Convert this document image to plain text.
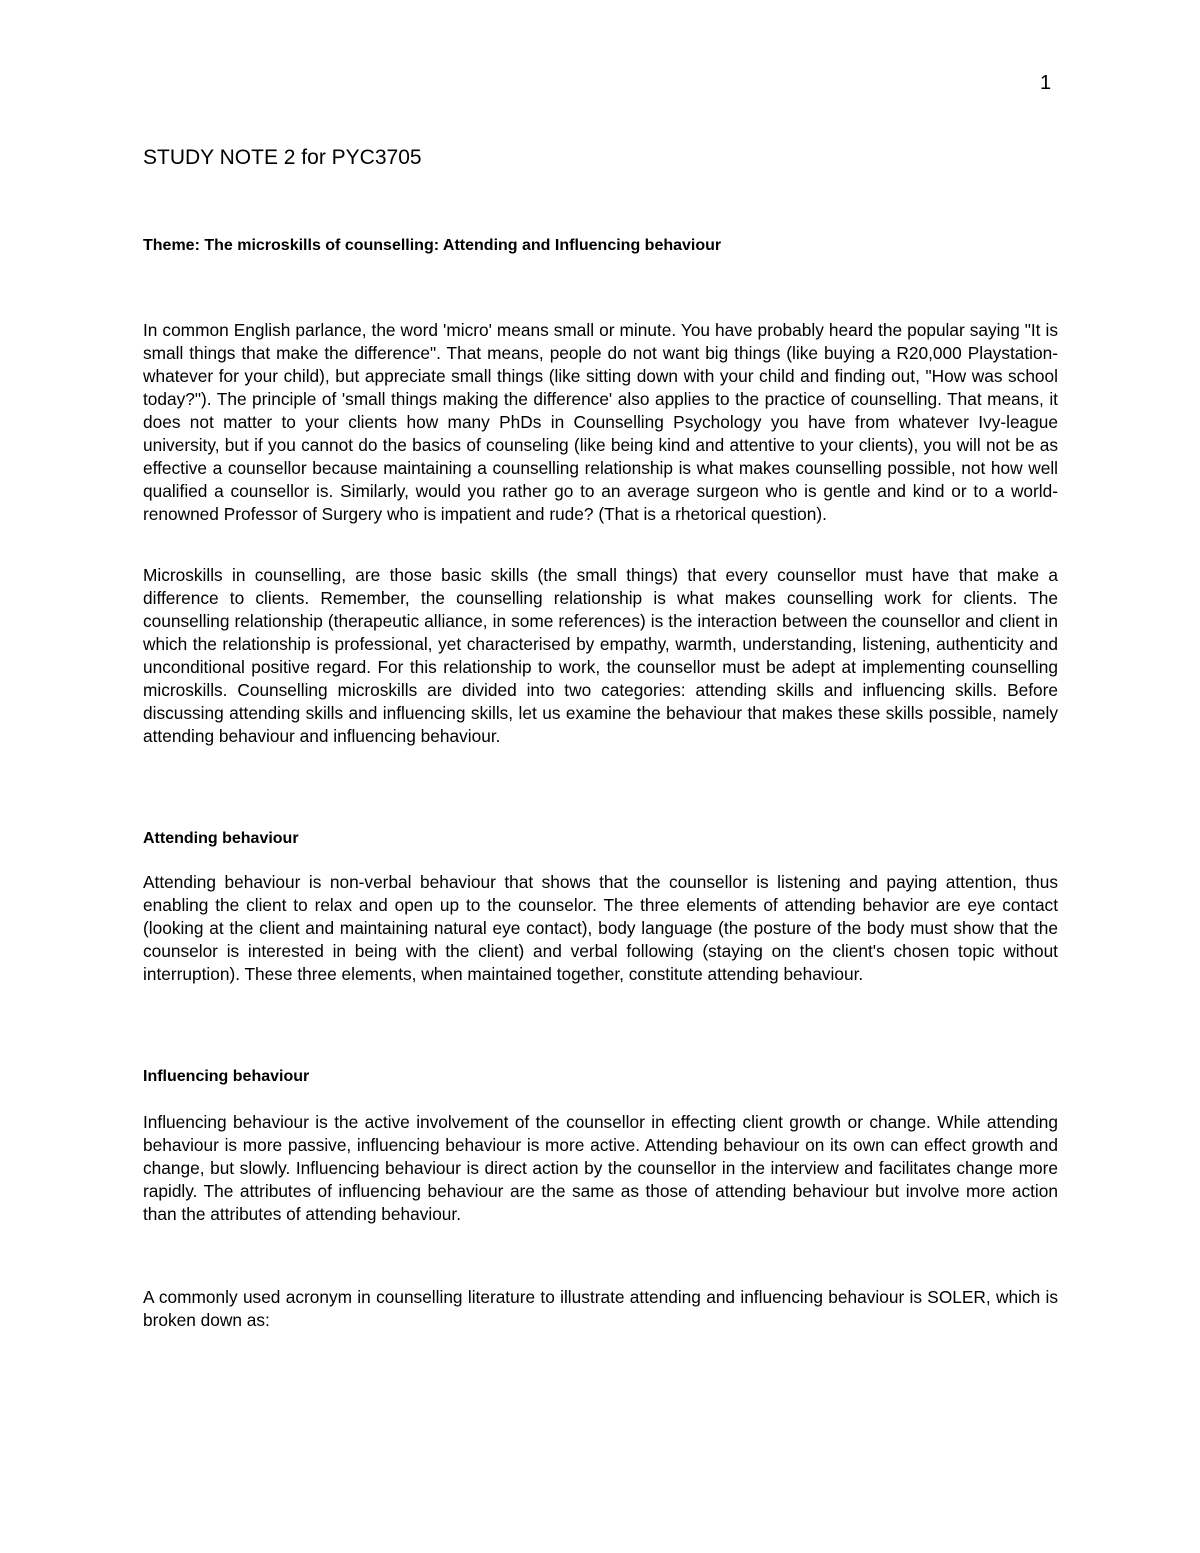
1
STUDY NOTE 2 for PYC3705
Theme: The microskills of counselling: Attending and Influencing behaviour

In common English parlance, the word 'micro' means small or minute. You have probably heard the popular saying "It is small things that make the difference". That means, people do not want big things (like buying a R20,000 Playstation-whatever for your child), but appreciate small things (like sitting down with your child and finding out, "How was school today?"). The principle of 'small things making the difference' also applies to the practice of counselling. That means, it does not matter to your clients how many PhDs in Counselling Psychology you have from whatever Ivy-league university, but if you cannot do the basics of counseling (like being kind and attentive to your clients), you will not be as effective a counsellor because maintaining a counselling relationship is what makes counselling possible, not how well qualified a counsellor is. Similarly, would you rather go to an average surgeon who is gentle and kind or to a world-renowned Professor of Surgery who is impatient and rude? (That is a rhetorical question).

Microskills in counselling, are those basic skills (the small things) that every counsellor must have that make a difference to clients. Remember, the counselling relationship is what makes counselling work for clients. The counselling relationship (therapeutic alliance, in some references) is the interaction between the counsellor and client in which the relationship is professional, yet characterised by empathy, warmth, understanding, listening, authenticity and unconditional positive regard. For this relationship to work, the counsellor must be adept at implementing counselling microskills. Counselling microskills are divided into two categories: attending skills and influencing skills. Before discussing attending skills and influencing skills, let us examine the behaviour that makes these skills possible, namely attending behaviour and influencing behaviour.

Attending behaviour

Attending behaviour is non-verbal behaviour that shows that the counsellor is listening and paying attention, thus enabling the client to relax and open up to the counselor. The three elements of attending behavior are eye contact (looking at the client and maintaining natural eye contact), body language (the posture of the body must show that the counselor is interested in being with the client) and verbal following (staying on the client's chosen topic without interruption). These three elements, when maintained together, constitute attending behaviour.

Influencing behaviour

Influencing behaviour is the active involvement of the counsellor in effecting client growth or change. While attending behaviour is more passive, influencing behaviour is more active. Attending behaviour on its own can effect growth and change, but slowly. Influencing behaviour is direct action by the counsellor in the interview and facilitates change more rapidly. The attributes of influencing behaviour are the same as those of attending behaviour but involve more action than the attributes of attending behaviour.

A commonly used acronym in counselling literature to illustrate attending and influencing behaviour is SOLER, which is broken down as:
